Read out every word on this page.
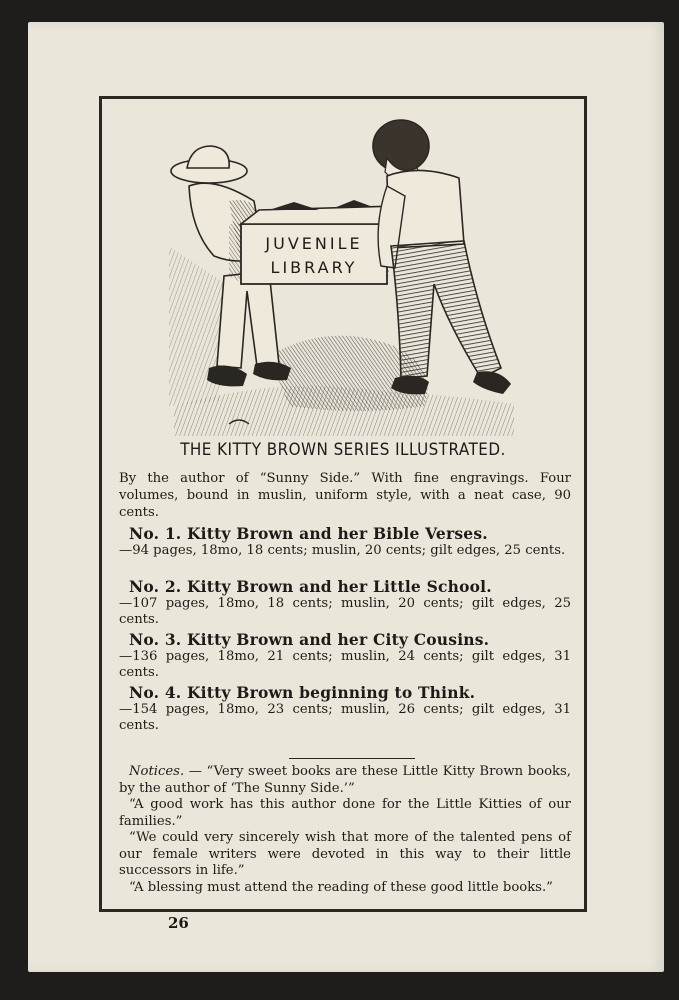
JUVENILE
LIBRARY
THE KITTY BROWN SERIES ILLUSTRATED.
By the author of “Sunny Side.” With fine engravings. Four volumes, bound in muslin, uniform style, with a neat case, 90 cents.
No. 1. Kitty Brown and her Bible Verses.
—94 pages, 18mo, 18 cents; muslin, 20 cents; gilt edges, 25 cents.
No. 2. Kitty Brown and her Little School.
—107 pages, 18mo, 18 cents; muslin, 20 cents; gilt edges, 25 cents.
No. 3. Kitty Brown and her City Cousins.
—136 pages, 18mo, 21 cents; muslin, 24 cents; gilt edges, 31 cents.
No. 4. Kitty Brown beginning to Think.
—154 pages, 18mo, 23 cents; muslin, 26 cents; gilt edges, 31 cents.

Notices. — “Very sweet books are these Little Kitty Brown books, by the author of ‘The Sunny Side.’”

“A good work has this author done for the Little Kitties of our families.”

“We could very sincerely wish that more of the talented pens of our female writers were devoted in this way to their little successors in life.”

“A blessing must attend the reading of these good little books.”

26
